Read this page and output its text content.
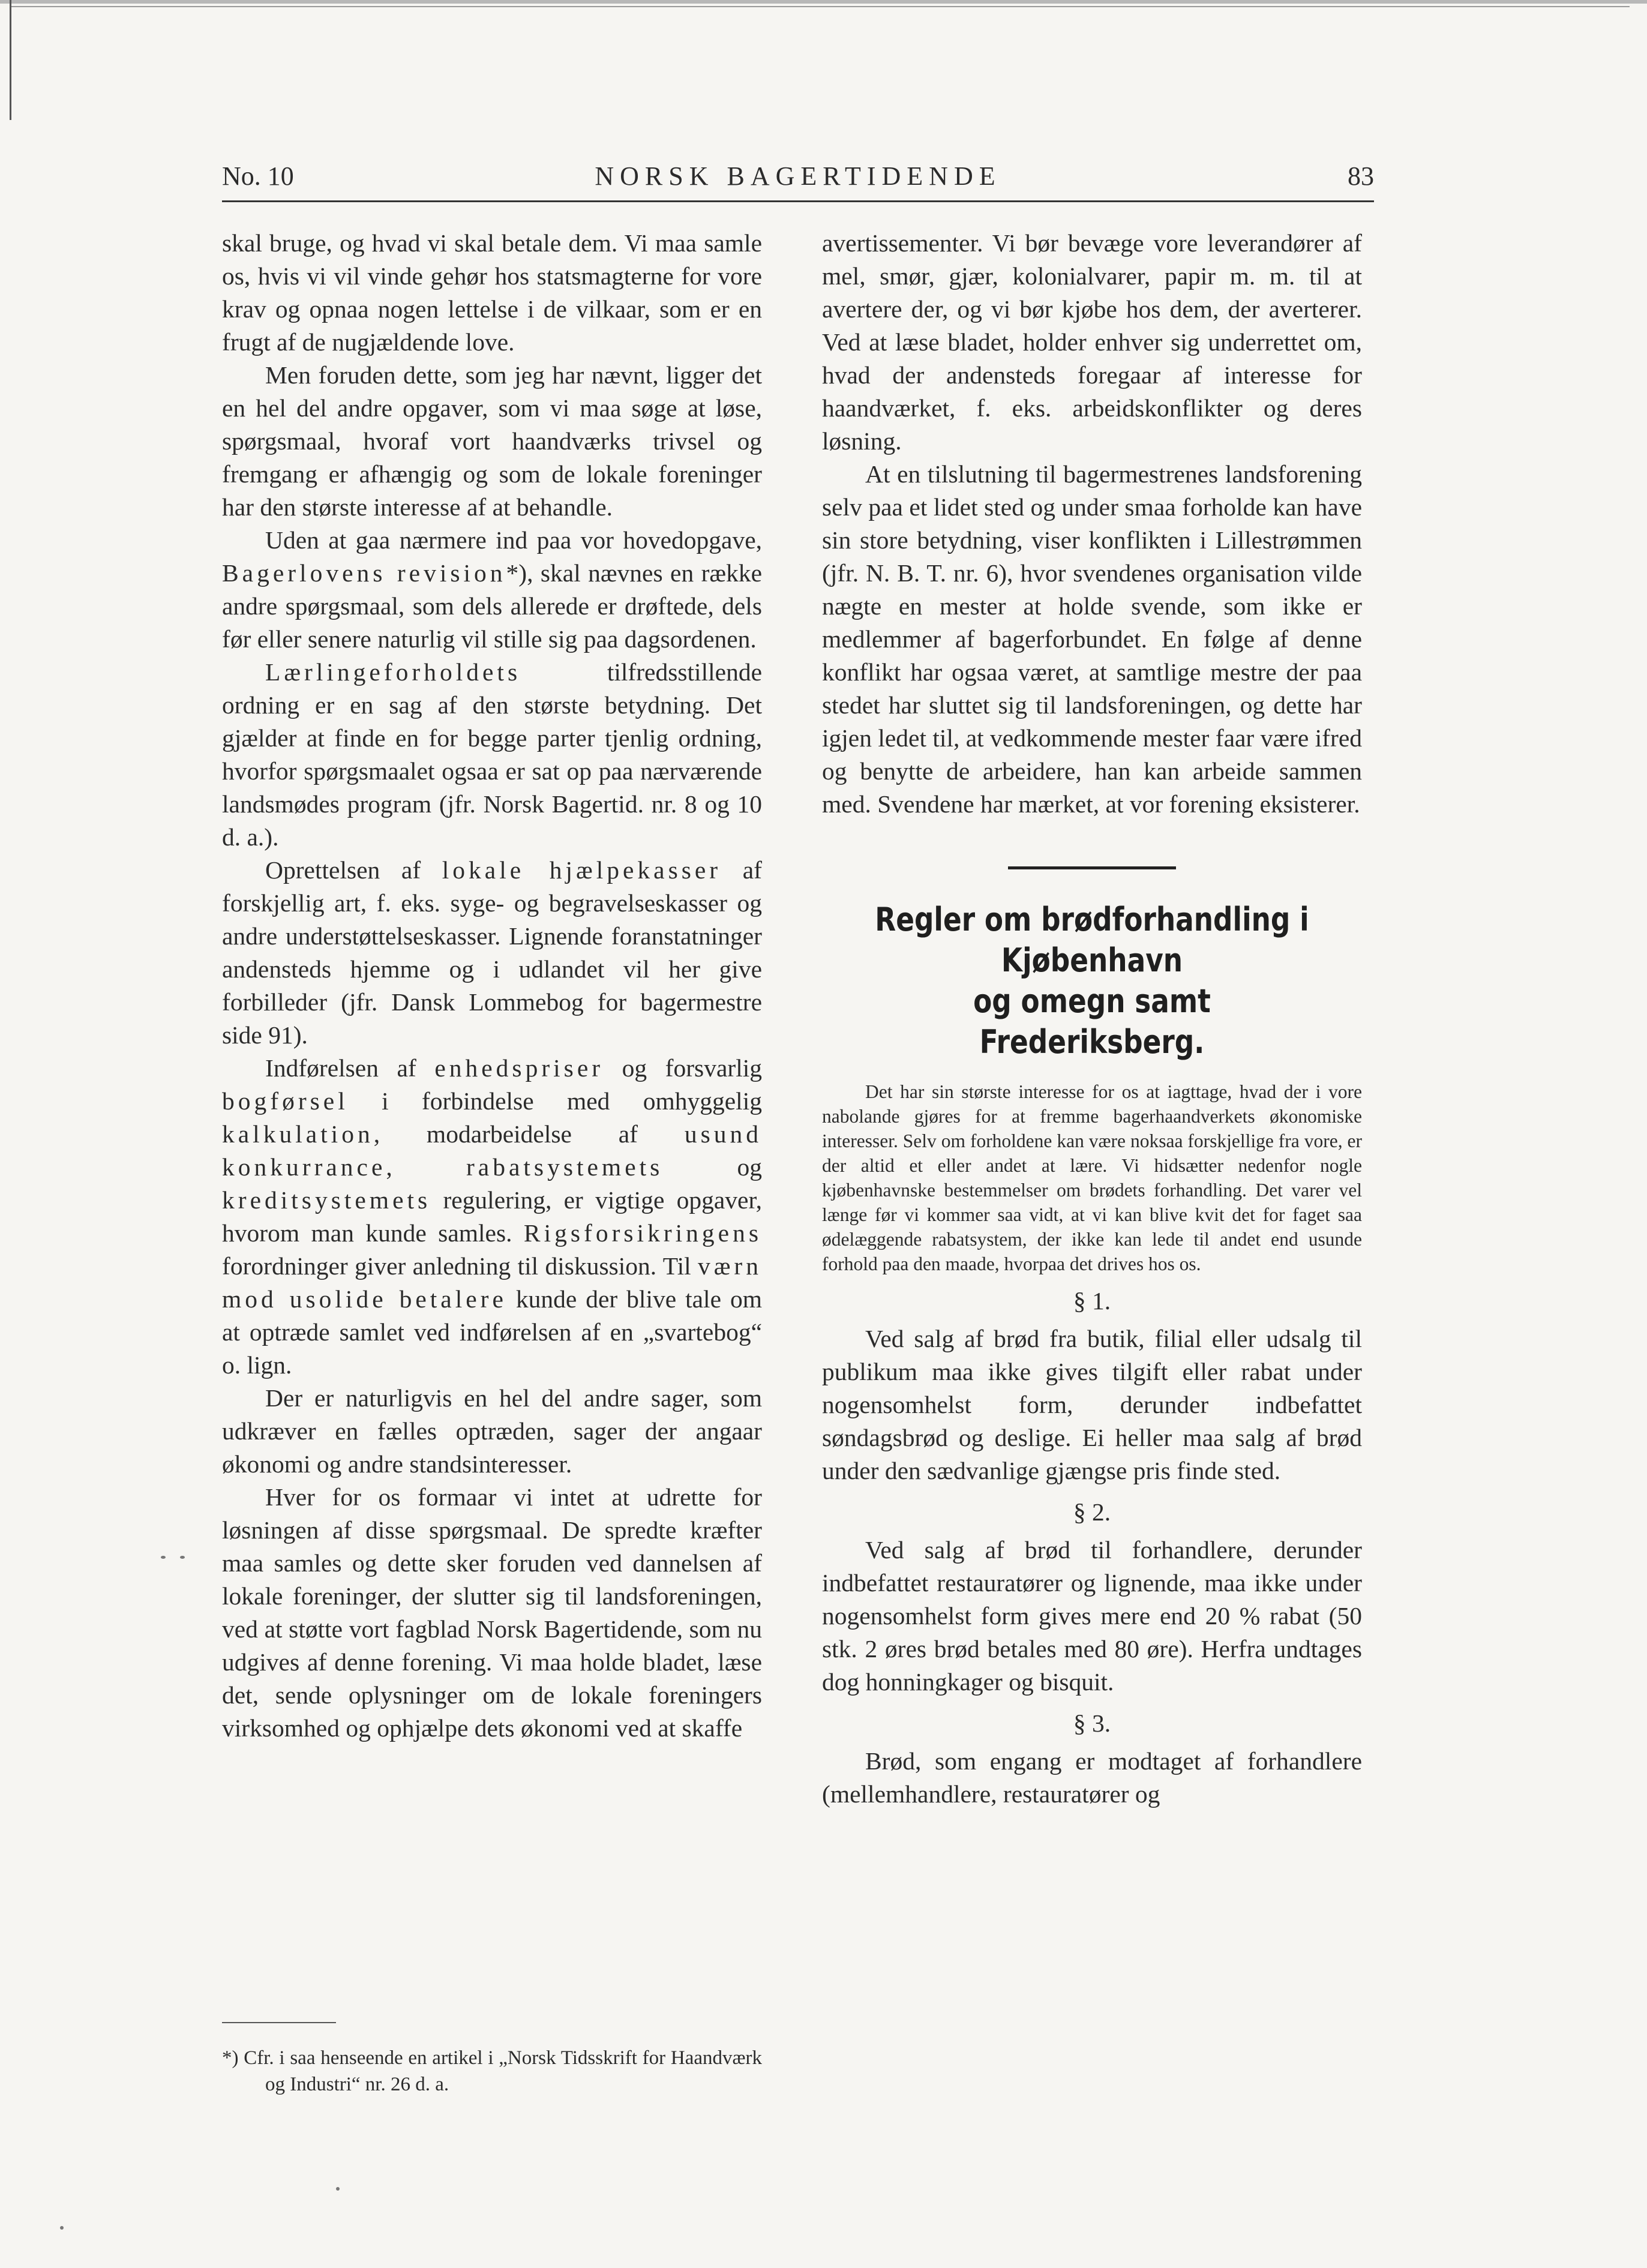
No. 10	NORSK BAGERTIDENDE	83

skal bruge, og hvad vi skal betale dem. Vi maa samle os, hvis vi vil vinde gehør hos statsmagterne for vore krav og opnaa nogen lettelse i de vilkaar, som er en frugt af de nugjældende love.

Men foruden dette, som jeg har nævnt, ligger det en hel del andre opgaver, som vi maa søge at løse, spørgsmaal, hvoraf vort haandværks trivsel og fremgang er afhængig og som de lokale foreninger har den største interesse af at behandle.

Uden at gaa nærmere ind paa vor hovedopgave, Bagerlovens revision*), skal nævnes en række andre spørgsmaal, som dels allerede er drøftede, dels før eller senere naturlig vil stille sig paa dagsordenen.

Lærlingeforholdets tilfredsstillende ordning er en sag af den største betydning. Det gjælder at finde en for begge parter tjenlig ordning, hvorfor spørgsmaalet ogsaa er sat op paa nærværende landsmødes program (jfr. Norsk Bagertid. nr. 8 og 10 d. a.).

Oprettelsen af lokale hjælpekasser af forskjellig art, f. eks. syge- og begravelseskasser og andre understøttelseskasser. Lignende foranstatninger andensteds hjemme og i udlandet vil her give forbilleder (jfr. Dansk Lommebog for bagermestre side 91).

Indførelsen af enhedspriser og forsvarlig bogførsel i forbindelse med omhyggelig kalkulation, modarbeidelse af usund konkurrance, rabatsystemets og kreditsystemets regulering, er vigtige opgaver, hvorom man kunde samles. Rigsforsikringens forordninger giver anledning til diskussion. Til værn mod usolide betalere kunde der blive tale om at optræde samlet ved indførelsen af en „svartebog“ o. lign.

Der er naturligvis en hel del andre sager, som udkræver en fælles optræden, sager der angaar økonomi og andre standsinteresser.

Hver for os formaar vi intet at udrette for løsningen af disse spørgsmaal. De spredte kræfter maa samles og dette sker foruden ved dannelsen af lokale foreninger, der slutter sig til landsforeningen, ved at støtte vort fagblad Norsk Bagertidende, som nu udgives af denne forening. Vi maa holde bladet, læse det, sende oplysninger om de lokale foreningers virksomhed og ophjælpe dets økonomi ved at skaffe

*) Cfr. i saa henseende en artikel i „Norsk Tidsskrift for Haandværk og Industri“ nr. 26 d. a.

avertissementer. Vi bør bevæge vore leverandører af mel, smør, gjær, kolonialvarer, papir m. m. til at avertere der, og vi bør kjøbe hos dem, der averterer. Ved at læse bladet, holder enhver sig underrettet om, hvad der andensteds foregaar af interesse for haandværket, f. eks. arbeidskonflikter og deres løsning.

At en tilslutning til bagermestrenes landsforening selv paa et lidet sted og under smaa forholde kan have sin store betydning, viser konflikten i Lillestrømmen (jfr. N. B. T. nr. 6), hvor svendenes organisation vilde nægte en mester at holde svende, som ikke er medlemmer af bagerforbundet. En følge af denne konflikt har ogsaa været, at samtlige mestre der paa stedet har sluttet sig til landsforeningen, og dette har igjen ledet til, at vedkommende mester faar være ifred og benytte de arbeidere, han kan arbeide sammen med. Svendene har mærket, at vor forening eksisterer.

Regler om brødforhandling i Kjøbenhavn
og omegn samt Frederiksberg.

Det har sin største interesse for os at iagttage, hvad der i vore nabolande gjøres for at fremme bagerhaandverkets økonomiske interesser. Selv om forholdene kan være noksaa forskjellige fra vore, er der altid et eller andet at lære. Vi hidsætter nedenfor nogle kjøbenhavnske bestemmelser om brødets forhandling. Det varer vel længe før vi kommer saa vidt, at vi kan blive kvit det for faget saa ødelæggende rabatsystem, der ikke kan lede til andet end usunde forhold paa den maade, hvorpaa det drives hos os.

§ 1.

Ved salg af brød fra butik, filial eller udsalg til publikum maa ikke gives tilgift eller rabat under nogensomhelst form, derunder indbefattet søndagsbrød og deslige. Ei heller maa salg af brød under den sædvanlige gjængse pris finde sted.

§ 2.

Ved salg af brød til forhandlere, derunder indbefattet restauratører og lignende, maa ikke under nogensomhelst form gives mere end 20 % rabat (50 stk. 2 øres brød betales med 80 øre). Herfra undtages dog honningkager og bisquit.

§ 3.

Brød, som engang er modtaget af forhandlere (mellemhandlere, restauratører og
